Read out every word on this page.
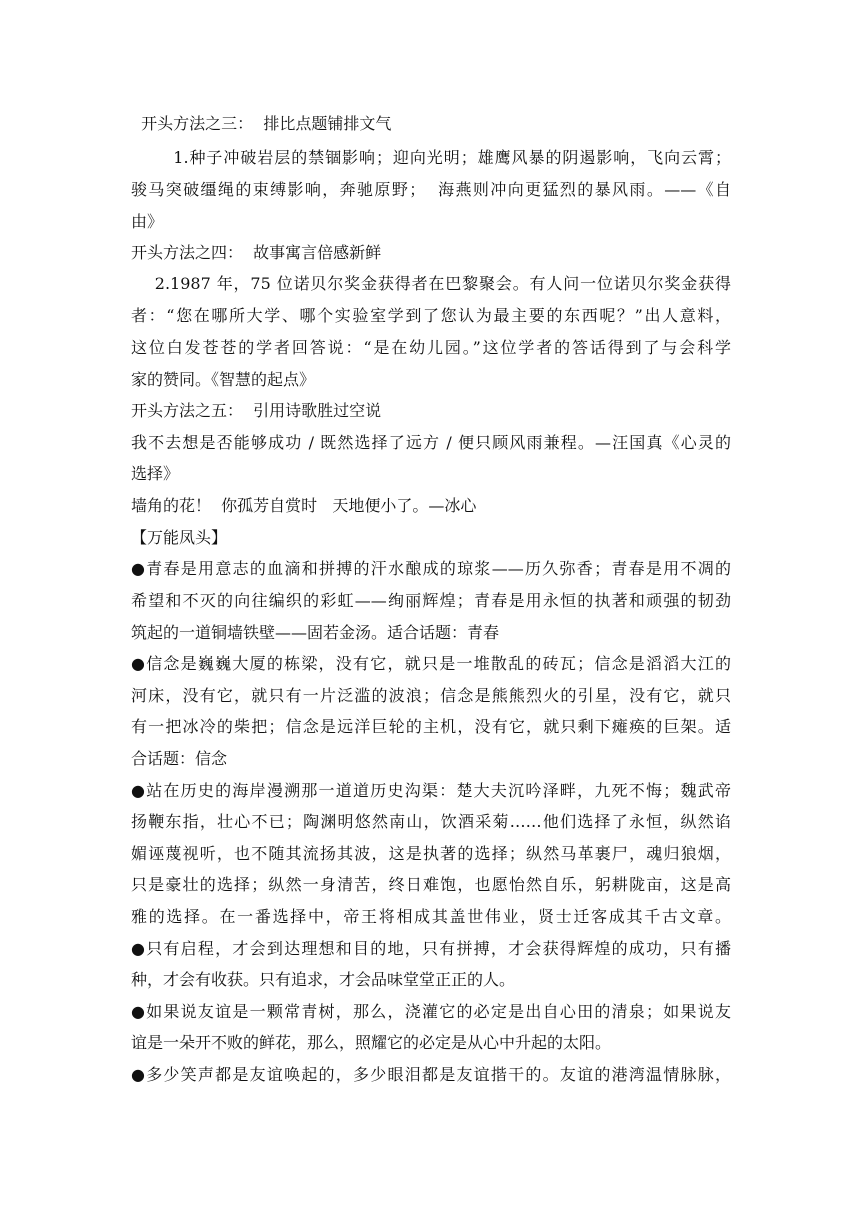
开头方法之三：  排比点题铺排文气
1.种子冲破岩层的禁锢影响；迎向光明；雄鹰风暴的阴遏影响，飞向云霄；
骏马突破缰绳的束缚影响，奔驰原野；  海燕则冲向更猛烈的暴风雨。——《自
由》
开头方法之四：  故事寓言倍感新鲜
2.1987 年，75 位诺贝尔奖金获得者在巴黎聚会。有人问一位诺贝尔奖金获得
者：“您在哪所大学、哪个实验室学到了您认为最主要的东西呢？”出人意料，
这位白发苍苍的学者回答说：“是在幼儿园。”这位学者的答话得到了与会科学
家的赞同。《智慧的起点》
开头方法之五：  引用诗歌胜过空说
我不去想是否能够成功 / 既然选择了远方 / 便只顾风雨兼程。—汪国真《心灵的
选择》
墙角的花！  你孤芳自赏时   天地便小了。—冰心
【万能凤头】
●青春是用意志的血滴和拼搏的汗水酿成的琼浆——历久弥香；青春是用不凋的
希望和不灭的向往编织的彩虹——绚丽辉煌；青春是用永恒的执著和顽强的韧劲
筑起的一道铜墙铁壁——固若金汤。适合话题：青春
●信念是巍巍大厦的栋梁，没有它，就只是一堆散乱的砖瓦；信念是滔滔大江的
河床，没有它，就只有一片泛滥的波浪；信念是熊熊烈火的引星，没有它，就只
有一把冰冷的柴把；信念是远洋巨轮的主机，没有它，就只剩下瘫痪的巨架。适
合话题：信念
●站在历史的海岸漫溯那一道道历史沟渠：楚大夫沉吟泽畔，九死不悔；魏武帝
扬鞭东指，壮心不已；陶渊明悠然南山，饮酒采菊……他们选择了永恒，纵然谄
媚诬蔑视听，也不随其流扬其波，这是执著的选择；纵然马革裹尸，魂归狼烟，
只是豪壮的选择；纵然一身清苦，终日难饱，也愿怡然自乐，躬耕陇亩，这是高
雅的选择。在一番选择中，帝王将相成其盖世伟业，贤士迁客成其千古文章。
●只有启程，才会到达理想和目的地，只有拼搏，才会获得辉煌的成功，只有播
种，才会有收获。只有追求，才会品味堂堂正正的人。
●如果说友谊是一颗常青树，那么，浇灌它的必定是出自心田的清泉；如果说友
谊是一朵开不败的鲜花，那么，照耀它的必定是从心中升起的太阳。
●多少笑声都是友谊唤起的，多少眼泪都是友谊揩干的。友谊的港湾温情脉脉，
